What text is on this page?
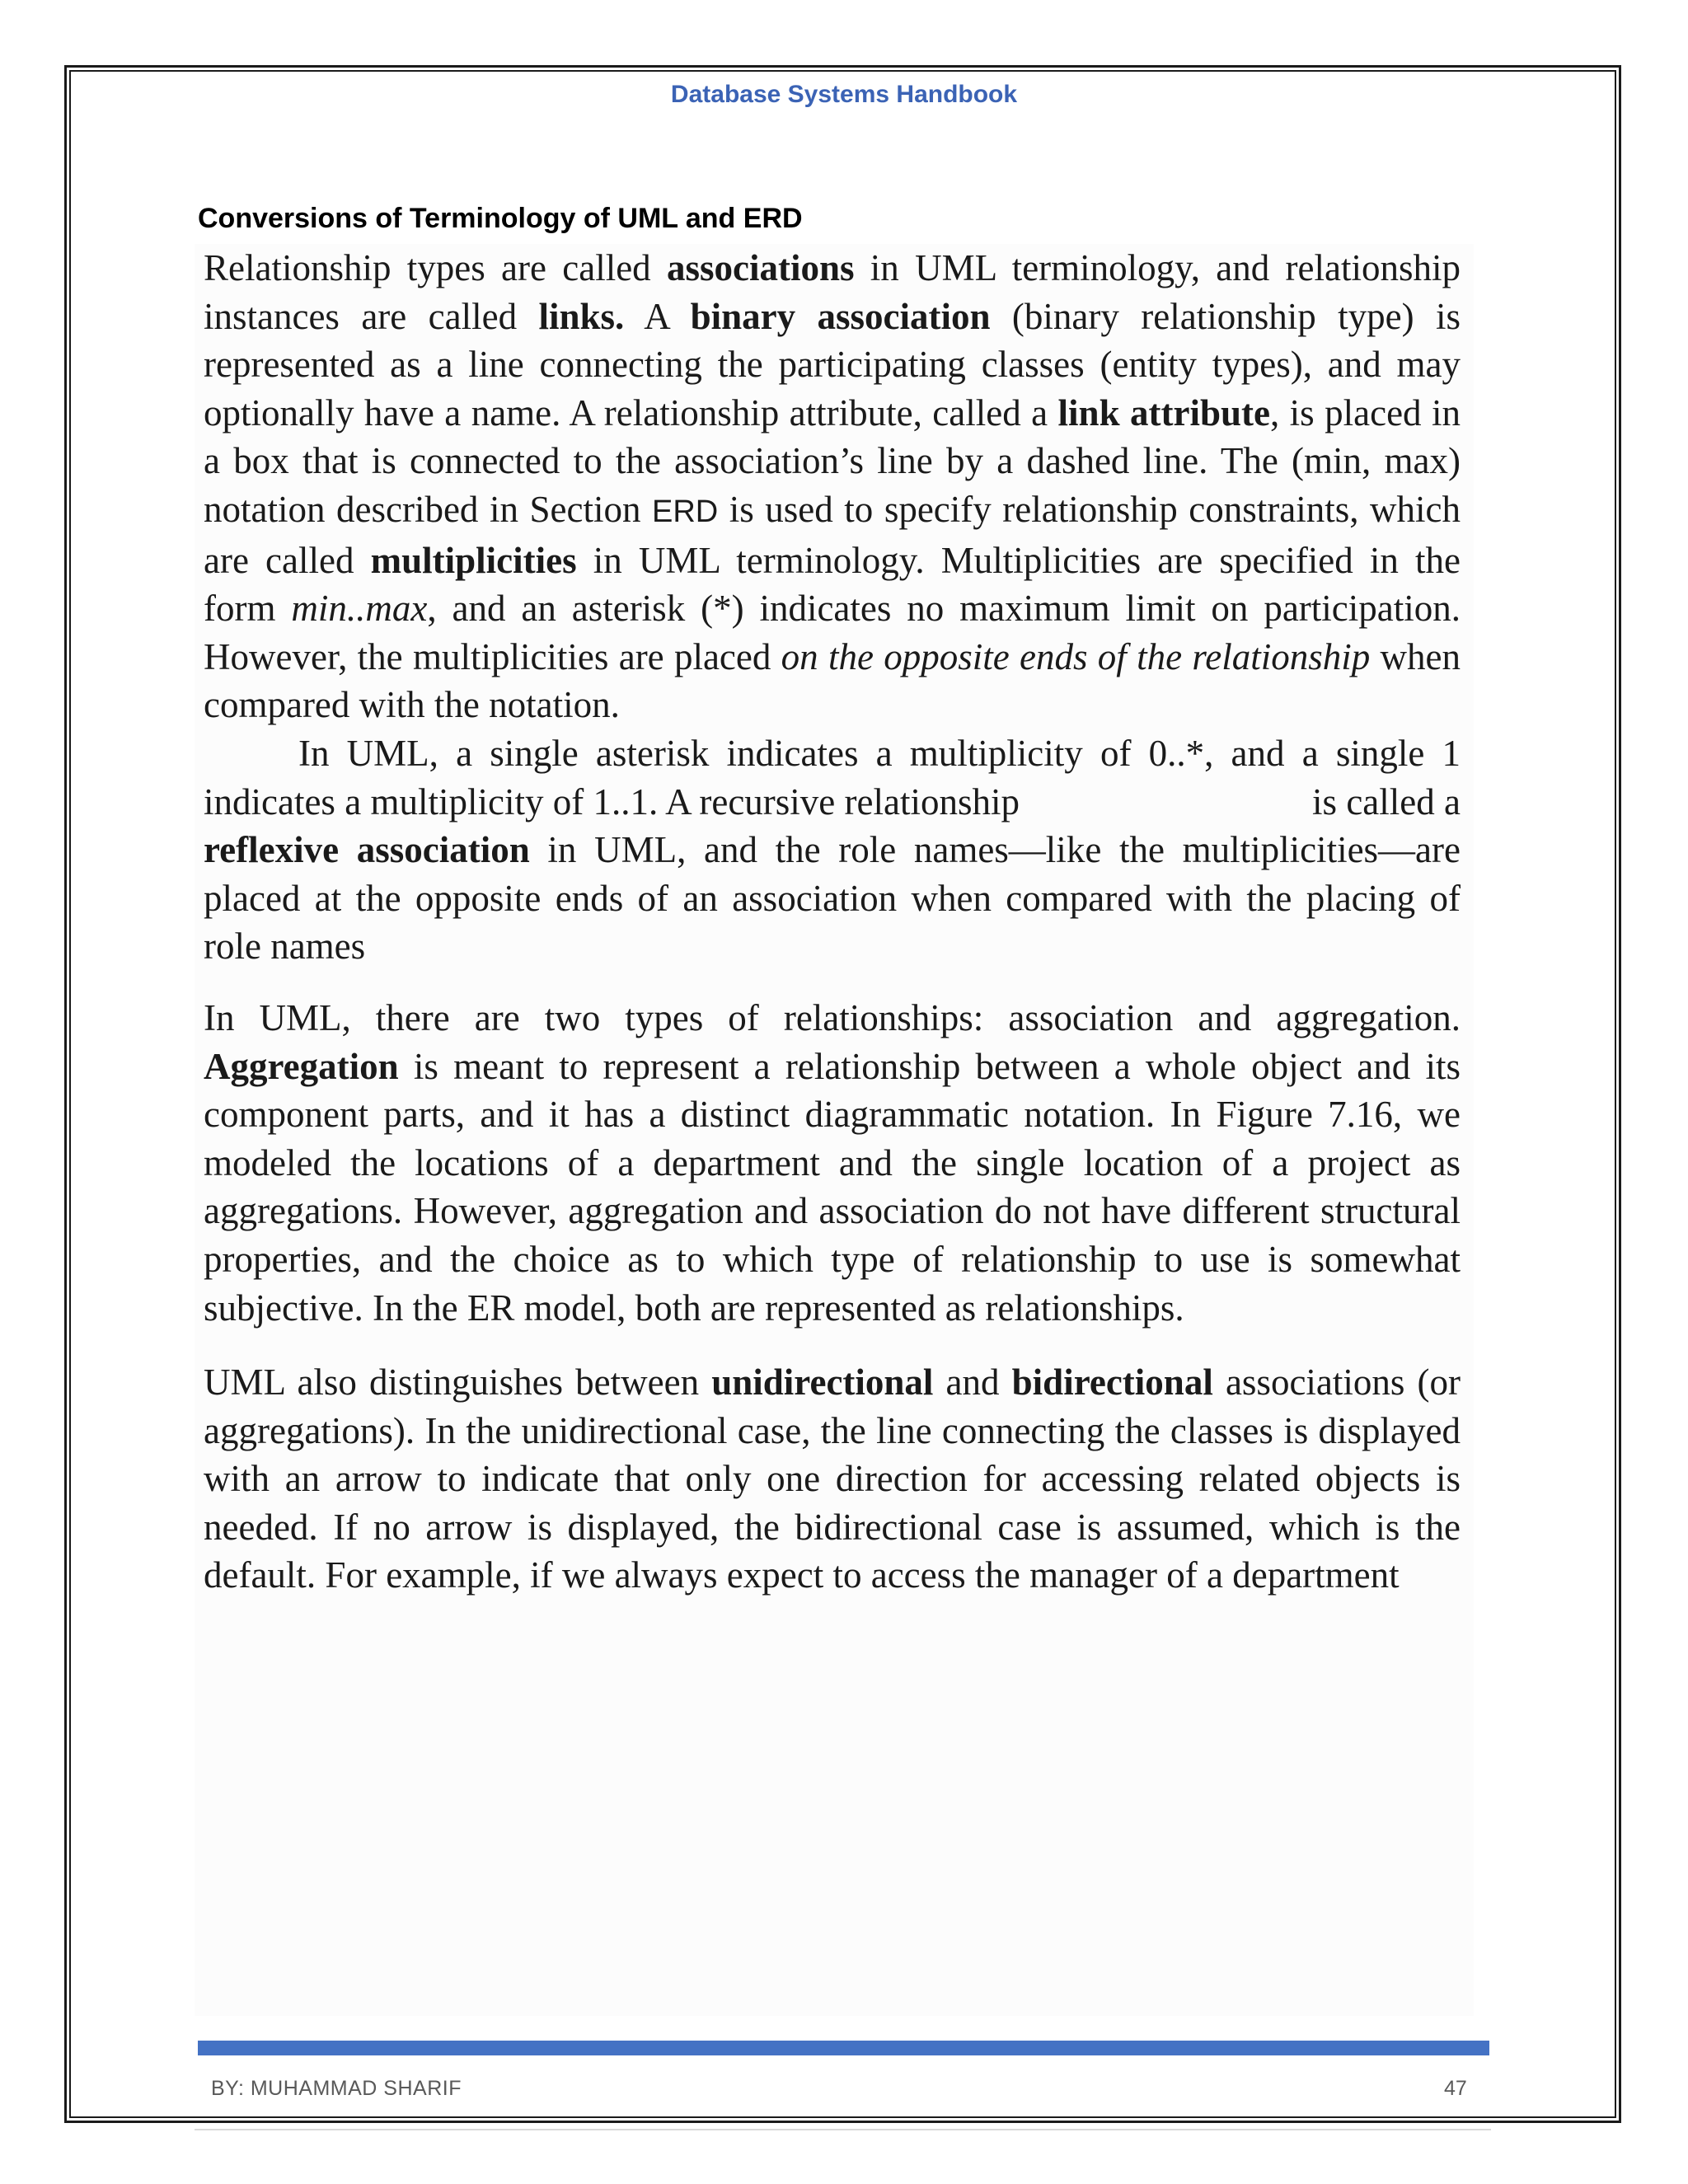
Database Systems Handbook
Conversions of Terminology of UML and ERD

Relationship types are called associations in UML terminology, and relationship instances are called links. A binary association (binary relationship type) is represented as a line connecting the participating classes (entity types), and may optionally have a name. A relationship attribute, called a link attribute, is placed in a box that is connected to the association’s line by a dashed line. The (min, max) notation described in Section ERD is used to specify relationship constraints, which are called multiplicities in UML terminology. Multiplicities are specified in the form min..max, and an asterisk (*) indicates no maximum limit on participation. However, the multiplicities are placed on the opposite ends of the relationship when compared with the notation.
In UML, a single asterisk indicates a multiplicity of 0..*, and a single 1 indicates a multiplicity of 1..1. A recursive relationship	is called a reflexive association in UML, and the role names—like the multiplicities—are placed at the opposite ends of an association when compared with the placing of role names

In UML, there are two types of relationships: association and aggregation. Aggregation is meant to represent a relationship between a whole object and its component parts, and it has a distinct diagrammatic notation. In Figure 7.16, we modeled the locations of a department and the single location of a project as aggregations. However, aggregation and association do not have different structural properties, and the choice as to which type of relationship to use is somewhat subjective. In the ER model, both are represented as relationships.

UML also distinguishes between unidirectional and bidirectional associations (or aggregations). In the unidirectional case, the line connecting the classes is displayed with an arrow to indicate that only one direction for accessing related objects is needed. If no arrow is displayed, the bidirectional case is assumed, which is the default. For example, if we always expect to access the manager of a department

BY: MUHAMMAD SHARIF	47
